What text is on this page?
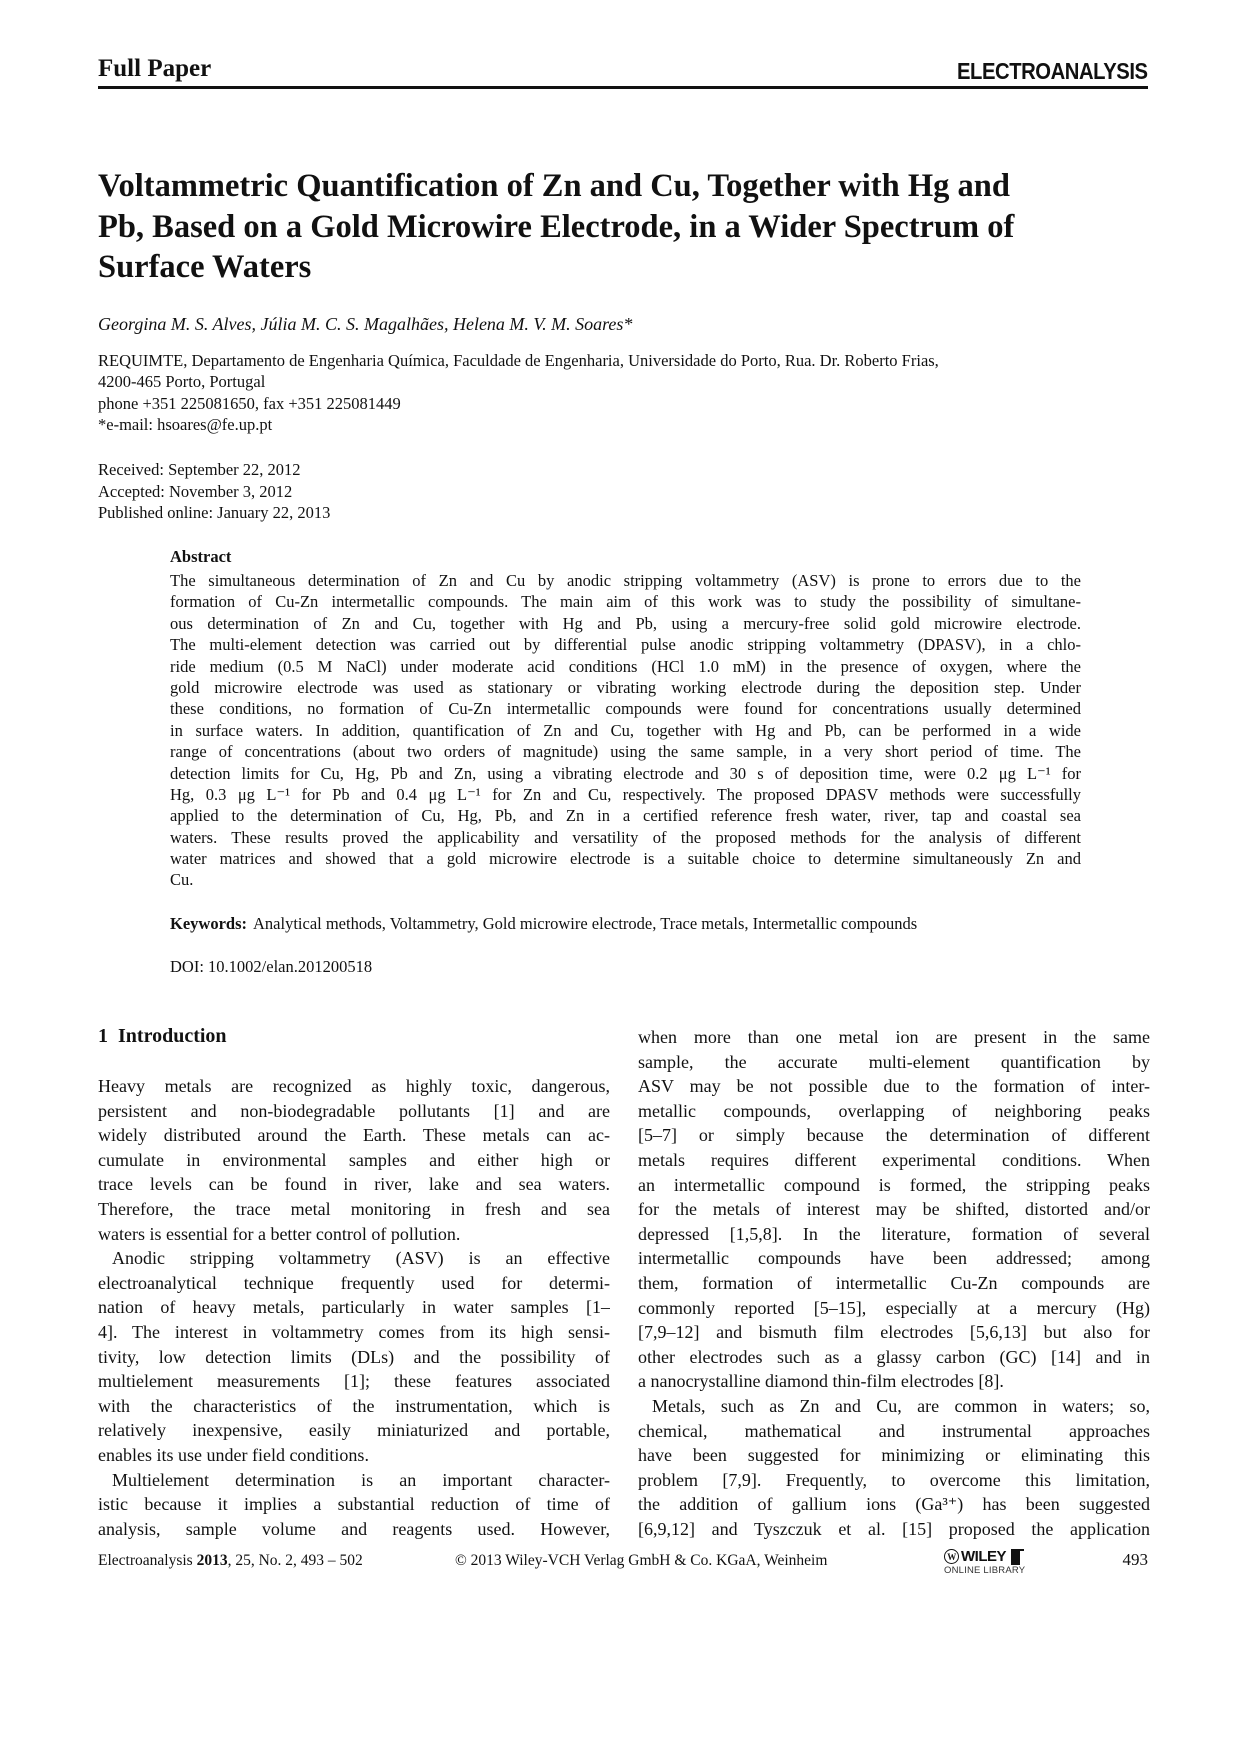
Full Paper	ELECTROANALYSIS
Voltammetric Quantification of Zn and Cu, Together with Hg and
Pb, Based on a Gold Microwire Electrode, in a Wider Spectrum of
Surface Waters
Georgina M. S. Alves, Júlia M. C. S. Magalhães, Helena M. V. M. Soares*
REQUIMTE, Departamento de Engenharia Química, Faculdade de Engenharia, Universidade do Porto, Rua. Dr. Roberto Frias,
4200-465 Porto, Portugal
phone +351 225081650, fax +351 225081449
*e-mail: hsoares@fe.up.pt
Received: September 22, 2012
Accepted: November 3, 2012
Published online: January 22, 2013
Abstract
The simultaneous determination of Zn and Cu by anodic stripping voltammetry (ASV) is prone to errors due to the
formation of Cu-Zn intermetallic compounds. The main aim of this work was to study the possibility of simultane-
ous determination of Zn and Cu, together with Hg and Pb, using a mercury-free solid gold microwire electrode.
The multi-element detection was carried out by differential pulse anodic stripping voltammetry (DPASV), in a chlo-
ride medium (0.5 M NaCl) under moderate acid conditions (HCl 1.0 mM) in the presence of oxygen, where the
gold microwire electrode was used as stationary or vibrating working electrode during the deposition step. Under
these conditions, no formation of Cu-Zn intermetallic compounds were found for concentrations usually determined
in surface waters. In addition, quantification of Zn and Cu, together with Hg and Pb, can be performed in a wide
range of concentrations (about two orders of magnitude) using the same sample, in a very short period of time. The
detection limits for Cu, Hg, Pb and Zn, using a vibrating electrode and 30 s of deposition time, were 0.2 μg L⁻¹ for
Hg, 0.3 μg L⁻¹ for Pb and 0.4 μg L⁻¹ for Zn and Cu, respectively. The proposed DPASV methods were successfully
applied to the determination of Cu, Hg, Pb, and Zn in a certified reference fresh water, river, tap and coastal sea
waters. These results proved the applicability and versatility of the proposed methods for the analysis of different
water matrices and showed that a gold microwire electrode is a suitable choice to determine simultaneously Zn and
Cu.
Keywords: Analytical methods, Voltammetry, Gold microwire electrode, Trace metals, Intermetallic compounds
DOI: 10.1002/elan.201200518
1 Introduction
Heavy metals are recognized as highly toxic, dangerous,
persistent and non-biodegradable pollutants [1] and are
widely distributed around the Earth. These metals can ac-
cumulate in environmental samples and either high or
trace levels can be found in river, lake and sea waters.
Therefore, the trace metal monitoring in fresh and sea
waters is essential for a better control of pollution.
Anodic stripping voltammetry (ASV) is an effective
electroanalytical technique frequently used for determi-
nation of heavy metals, particularly in water samples [1–
4]. The interest in voltammetry comes from its high sensi-
tivity, low detection limits (DLs) and the possibility of
multielement measurements [1]; these features associated
with the characteristics of the instrumentation, which is
relatively inexpensive, easily miniaturized and portable,
enables its use under field conditions.
Multielement determination is an important character-
istic because it implies a substantial reduction of time of
analysis, sample volume and reagents used. However,
when more than one metal ion are present in the same
sample, the accurate multi-element quantification by
ASV may be not possible due to the formation of inter-
metallic compounds, overlapping of neighboring peaks
[5–7] or simply because the determination of different
metals requires different experimental conditions. When
an intermetallic compound is formed, the stripping peaks
for the metals of interest may be shifted, distorted and/or
depressed [1,5,8]. In the literature, formation of several
intermetallic compounds have been addressed; among
them, formation of intermetallic Cu-Zn compounds are
commonly reported [5–15], especially at a mercury (Hg)
[7,9–12] and bismuth film electrodes [5,6,13] but also for
other electrodes such as a glassy carbon (GC) [14] and in
a nanocrystalline diamond thin-film electrodes [8].
Metals, such as Zn and Cu, are common in waters; so,
chemical, mathematical and instrumental approaches
have been suggested for minimizing or eliminating this
problem [7,9]. Frequently, to overcome this limitation,
the addition of gallium ions (Ga³⁺) has been suggested
[6,9,12] and Tyszczuk et al. [15] proposed the application
Electroanalysis 2013, 25, No. 2, 493 – 502	© 2013 Wiley-VCH Verlag GmbH & Co. KGaA, Weinheim	W WILEY
ONLINE LIBRARY
493
